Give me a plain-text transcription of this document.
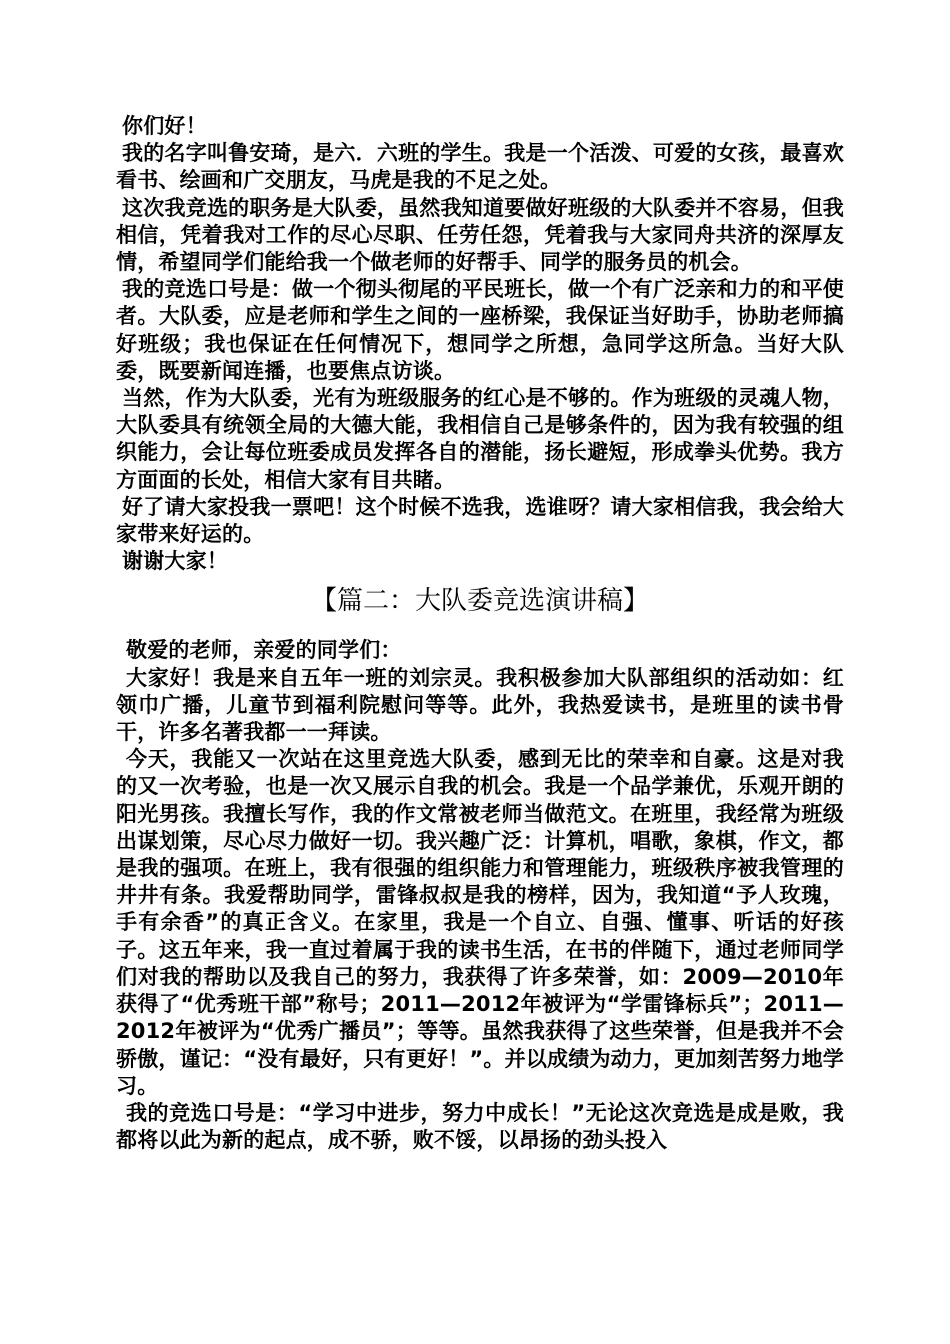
你们好！

我的名字叫鲁安琦，是六．六班的学生。我是一个活泼、可爱的女孩，最喜欢看书、绘画和广交朋友，马虎是我的不足之处。

这次我竞选的职务是大队委，虽然我知道要做好班级的大队委并不容易，但我相信，凭着我对工作的尽心尽职、任劳任怨，凭着我与大家同舟共济的深厚友情，希望同学们能给我一个做老师的好帮手、同学的服务员的机会。

我的竞选口号是：做一个彻头彻尾的平民班长，做一个有广泛亲和力的和平使者。大队委，应是老师和学生之间的一座桥梁，我保证当好助手，协助老师搞好班级；我也保证在任何情况下，想同学之所想，急同学这所急。当好大队委，既要新闻连播，也要焦点访谈。

当然，作为大队委，光有为班级服务的红心是不够的。作为班级的灵魂人物，大队委具有统领全局的大德大能，我相信自己是够条件的，因为我有较强的组织能力，会让每位班委成员发挥各自的潜能，扬长避短，形成拳头优势。我方方面面的长处，相信大家有目共睹。

好了请大家投我一票吧！这个时候不选我，选谁呀？请大家相信我，我会给大家带来好运的。

谢谢大家！

【篇二：大队委竞选演讲稿】

敬爱的老师，亲爱的同学们：

大家好！我是来自五年一班的刘宗灵。我积极参加大队部组织的活动如：红领巾广播，儿童节到福利院慰问等等。此外，我热爱读书，是班里的读书骨干，许多名著我都一一拜读。

今天，我能又一次站在这里竞选大队委，感到无比的荣幸和自豪。这是对我的又一次考验，也是一次又展示自我的机会。我是一个品学兼优，乐观开朗的阳光男孩。我擅长写作，我的作文常被老师当做范文。在班里，我经常为班级出谋划策，尽心尽力做好一切。我兴趣广泛：计算机，唱歌，象棋，作文，都是我的强项。在班上，我有很强的组织能力和管理能力，班级秩序被我管理的井井有条。我爱帮助同学，雷锋叔叔是我的榜样，因为，我知道“予人玫瑰，手有余香”的真正含义。在家里，我是一个自立、自强、懂事、听话的好孩子。这五年来，我一直过着属于我的读书生活，在书的伴随下，通过老师同学们对我的帮助以及我自己的努力，我获得了许多荣誉，如：2009—2010年获得了“优秀班干部”称号；2011—2012年被评为“学雷锋标兵”；2011—2012年被评为“优秀广播员”；等等。虽然我获得了这些荣誉，但是我并不会骄傲，谨记：“没有最好，只有更好！”。并以成绩为动力，更加刻苦努力地学习。

我的竞选口号是：“学习中进步，努力中成长！”无论这次竞选是成是败，我都将以此为新的起点，成不骄，败不馁，以昂扬的劲头投入
